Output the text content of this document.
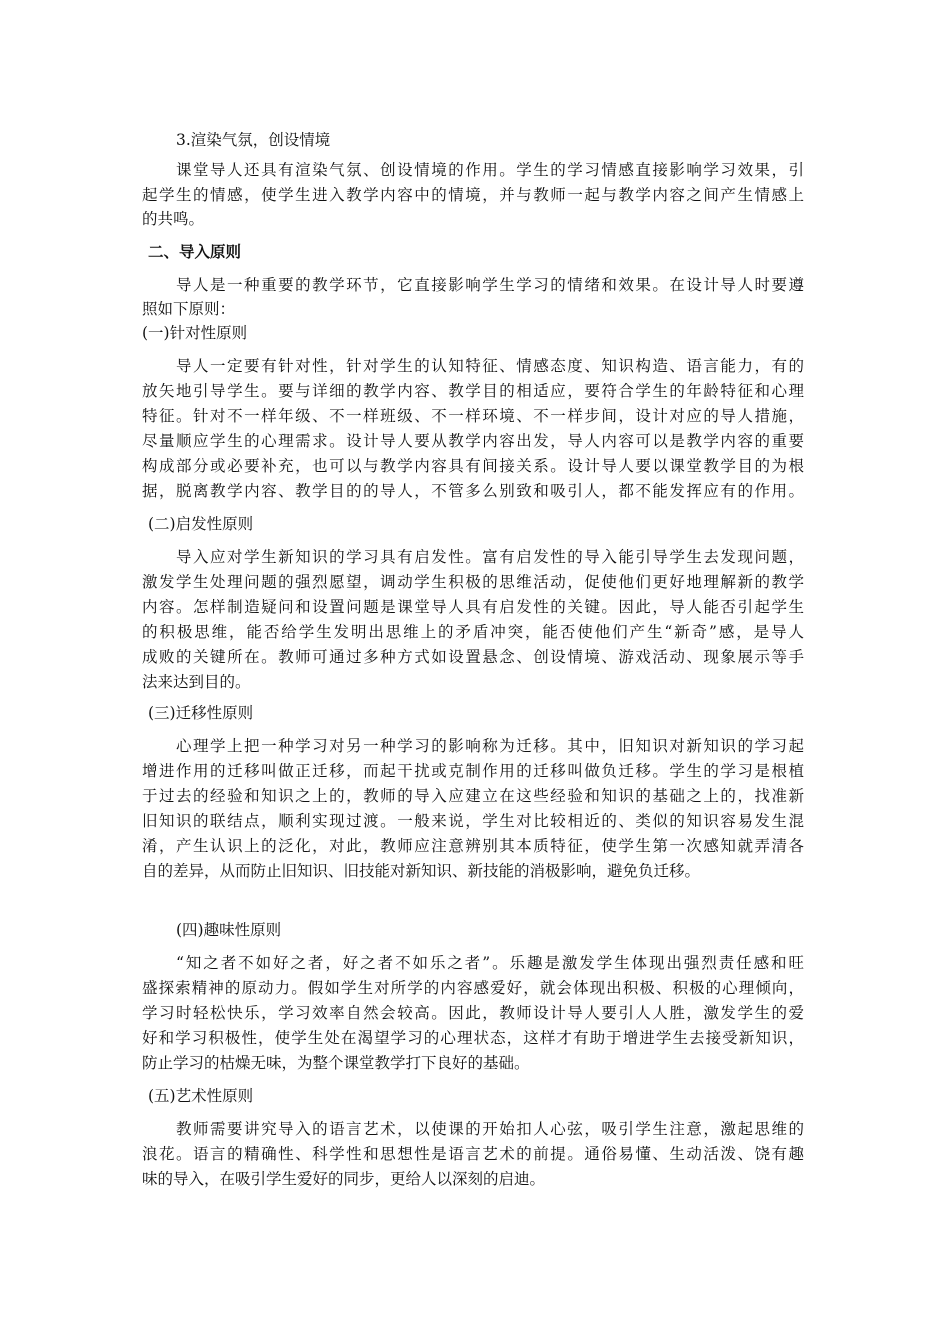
3.渲染气氛，创设情境
课堂导人还具有渲染气氛、创设情境的作用。学生的学习情感直接影响学习效果，引
起学生的情感，使学生进入教学内容中的情境，并与教师一起与教学内容之间产生情感上
的共鸣。
二、导入原则
导人是一种重要的教学环节，它直接影响学生学习的情绪和效果。在设计导人时要遵
照如下原则：
(一)针对性原则
导人一定要有针对性，针对学生的认知特征、情感态度、知识构造、语言能力，有的
放矢地引导学生。要与详细的教学内容、教学目的相适应，要符合学生的年龄特征和心理
特征。针对不一样年级、不一样班级、不一样环境、不一样步间，设计对应的导人措施，
尽量顺应学生的心理需求。设计导人要从教学内容出发，导人内容可以是教学内容的重要
构成部分或必要补充，也可以与教学内容具有间接关系。设计导人要以课堂教学目的为根
据，脱离教学内容、教学目的的导人，不管多么别致和吸引人，都不能发挥应有的作用。
(二)启发性原则
导入应对学生新知识的学习具有启发性。富有启发性的导入能引导学生去发现问题，
激发学生处理问题的强烈愿望，调动学生积极的思维活动，促使他们更好地理解新的教学
内容。怎样制造疑问和设置问题是课堂导人具有启发性的关键。因此，导人能否引起学生
的积极思维，能否给学生发明出思维上的矛盾冲突，能否使他们产生“新奇”感，是导人
成败的关键所在。教师可通过多种方式如设置悬念、创设情境、游戏活动、现象展示等手
法来达到目的。
(三)迁移性原则
心理学上把一种学习对另一种学习的影响称为迁移。其中，旧知识对新知识的学习起
增进作用的迁移叫做正迁移，而起干扰或克制作用的迁移叫做负迁移。学生的学习是根植
于过去的经验和知识之上的，教师的导入应建立在这些经验和知识的基础之上的，找准新
旧知识的联结点，顺利实现过渡。一般来说，学生对比较相近的、类似的知识容易发生混
淆，产生认识上的泛化，对此，教师应注意辨别其本质特征，使学生第一次感知就弄清各
自的差异，从而防止旧知识、旧技能对新知识、新技能的消极影响，避免负迁移。
(四)趣味性原则
“知之者不如好之者，好之者不如乐之者”。乐趣是激发学生体现出强烈责任感和旺
盛探索精神的原动力。假如学生对所学的内容感爱好，就会体现出积极、积极的心理倾向，
学习时轻松快乐，学习效率自然会较高。因此，教师设计导人要引人人胜，激发学生的爱
好和学习积极性，使学生处在渴望学习的心理状态，这样才有助于增进学生去接受新知识，
防止学习的枯燥无味，为整个课堂教学打下良好的基础。
(五)艺术性原则
教师需要讲究导入的语言艺术，以使课的开始扣人心弦，吸引学生注意，激起思维的
浪花。语言的精确性、科学性和思想性是语言艺术的前提。通俗易懂、生动活泼、饶有趣
味的导入，在吸引学生爱好的同步，更给人以深刻的启迪。
